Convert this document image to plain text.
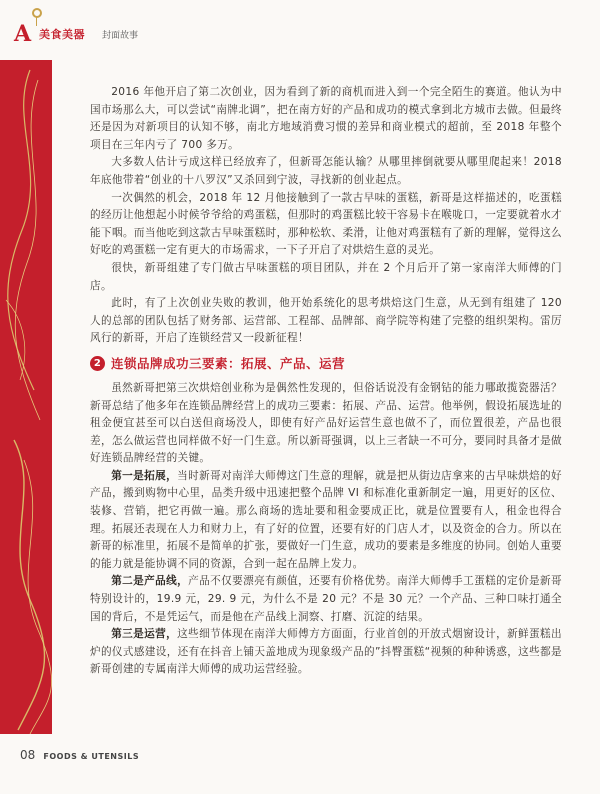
A 美食美器 封面故事

2016 年他开启了第二次创业，因为看到了新的商机而进入到一个完全陌生的赛道。他认为中国市场那么大，可以尝试“南牌北调”，把在南方好的产品和成功的模式拿到北方城市去做。但最终还是因为对新项目的认知不够，南北方地域消费习惯的差异和商业模式的超前，至 2018 年整个项目在三年内亏了 700 多万。

大多数人估计亏成这样已经放弃了，但新哥怎能认输？从哪里摔倒就要从哪里爬起来！2018 年底他带着“创业的十八罗汉”又杀回到宁波，寻找新的创业起点。

一次偶然的机会，2018 年 12 月他接触到了一款古早味的蛋糕，新哥是这样描述的，吃蛋糕的经历让他想起小时候爷爷给的鸡蛋糕，但那时的鸡蛋糕比较干容易卡在喉咙口，一定要就着水才能下咽。而当他吃到这款古早味蛋糕时，那种松软、柔滑，让他对鸡蛋糕有了新的理解，觉得这么好吃的鸡蛋糕一定有更大的市场需求，一下子开启了对烘焙生意的灵光。

很快，新哥组建了专门做古早味蛋糕的项目团队，并在 2 个月后开了第一家南洋大师傅的门店。

此时，有了上次创业失败的教训，他开始系统化的思考烘焙这门生意，从无到有组建了 120 人的总部的团队包括了财务部、运营部、工程部、品牌部、商学院等构建了完整的组织架构。雷厉风行的新哥，开启了连锁经营又一段新征程！

2 连锁品牌成功三要素：拓展、产品、运营

虽然新哥把第三次烘焙创业称为是偶然性发现的，但俗话说没有金钢钻的能力哪敢揽瓷器活？新哥总结了他多年在连锁品牌经营上的成功三要素：拓展、产品、运营。他举例，假设拓展选址的租金便宜甚至可以白送但商场没人，即使有好产品好运营生意也做不了，而位置很差，产品也很差，怎么做运营也同样做不好一门生意。所以新哥强调，以上三者缺一不可分，要同时具备才是做好连锁品牌经营的关键。

第一是拓展，当时新哥对南洋大师傅这门生意的理解，就是把从街边店拿来的古早味烘焙的好产品，搬到购物中心里，品类升级中迅速把整个品牌 VI 和标准化重新制定一遍，用更好的区位、装修、营销，把它再做一遍。那么商场的选址要和租金要成正比，就是位置要有人，租金也得合理。拓展还表现在人力和财力上，有了好的位置，还要有好的门店人才，以及资金的合力。所以在新哥的标准里，拓展不是简单的扩张，要做好一门生意，成功的要素是多维度的协同。创始人重要的能力就是能协调不同的资源，合到一起在品牌上发力。

第二是产品线，产品不仅要漂亮有颜值，还要有价格优势。南洋大师傅手工蛋糕的定价是新哥特别设计的，19.9 元，29. 9 元，为什么不是 20 元？不是 30 元？一个产品、三种口味打通全国的背后，不是凭运气，而是他在产品线上洞察、打磨、沉淀的结果。

第三是运营，这些细节体现在南洋大师傅方方面面，行业首创的开放式烟窗设计，新鲜蛋糕出炉的仪式感建设，还有在抖音上铺天盖地成为现象级产品的”抖臀蛋糕“视频的种种诱惑，这些都是新哥创建的专属南洋大师傅的成功运营经验。

08 FOODS & UTENSILS
